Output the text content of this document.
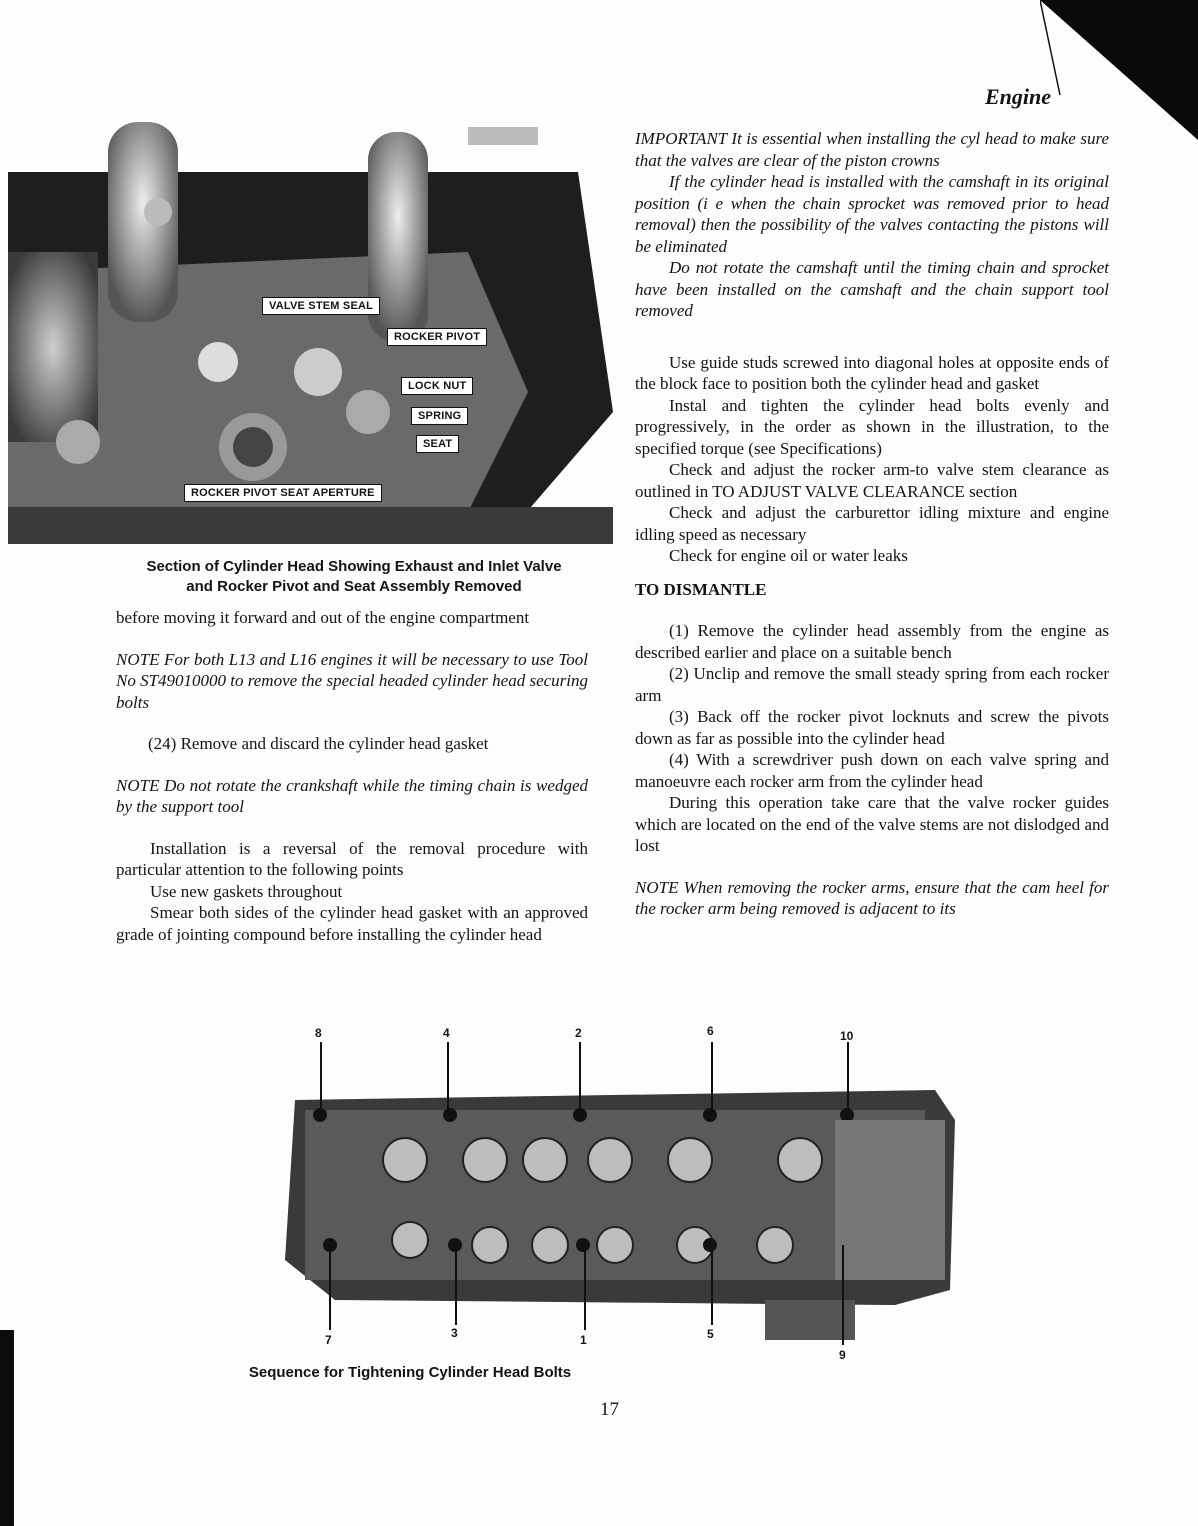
Engine
VALVE STEM SEAL
ROCKER PIVOT
LOCK NUT
SPRING
SEAT
ROCKER PIVOT SEAT APERTURE
Section of Cylinder Head Showing Exhaust and Inlet Valve
and Rocker Pivot and Seat Assembly Removed

before moving it forward and out of the engine compartment

NOTE For both L13 and L16 engines it will be necessary to use Tool No ST49010000 to remove the special headed cylinder head securing bolts

(24) Remove and discard the cylinder head gasket

NOTE Do not rotate the crankshaft while the timing chain is wedged by the support tool

Installation is a reversal of the removal procedure with particular attention to the following points

Use new gaskets throughout

Smear both sides of the cylinder head gasket with an approved grade of jointing compound before installing the cylinder head

IMPORTANT It is essential when installing the cyl head to make sure that the valves are clear of the piston crowns

If the cylinder head is installed with the camshaft in its original position (i e when the chain sprocket was removed prior to head removal) then the possibility of the valves contacting the pistons will be eliminated

Do not rotate the camshaft until the timing chain and sprocket have been installed on the camshaft and the chain support tool removed

Use guide studs screwed into diagonal holes at opposite ends of the block face to position both the cylinder head and gasket

Instal and tighten the cylinder head bolts evenly and progressively, in the order as shown in the illustration, to the specified torque (see Specifications)

Check and adjust the rocker arm-to valve stem clearance as outlined in TO ADJUST VALVE CLEARANCE section

Check and adjust the carburettor idling mixture and engine idling speed as necessary

Check for engine oil or water leaks

TO DISMANTLE

(1) Remove the cylinder head assembly from the engine as described earlier and place on a suitable bench

(2) Unclip and remove the small steady spring from each rocker arm

(3) Back off the rocker pivot locknuts and screw the pivots down as far as possible into the cylinder head

(4) With a screwdriver push down on each valve spring and manoeuvre each rocker arm from the cylinder head

During this operation take care that the valve rocker guides which are located on the end of the valve stems are not dislodged and lost

NOTE When removing the rocker arms, ensure that the cam heel for the rocker arm being removed is adjacent to its

8	4	2	6	10
7	3	1	5
9
Sequence for Tightening Cylinder Head Bolts
17
